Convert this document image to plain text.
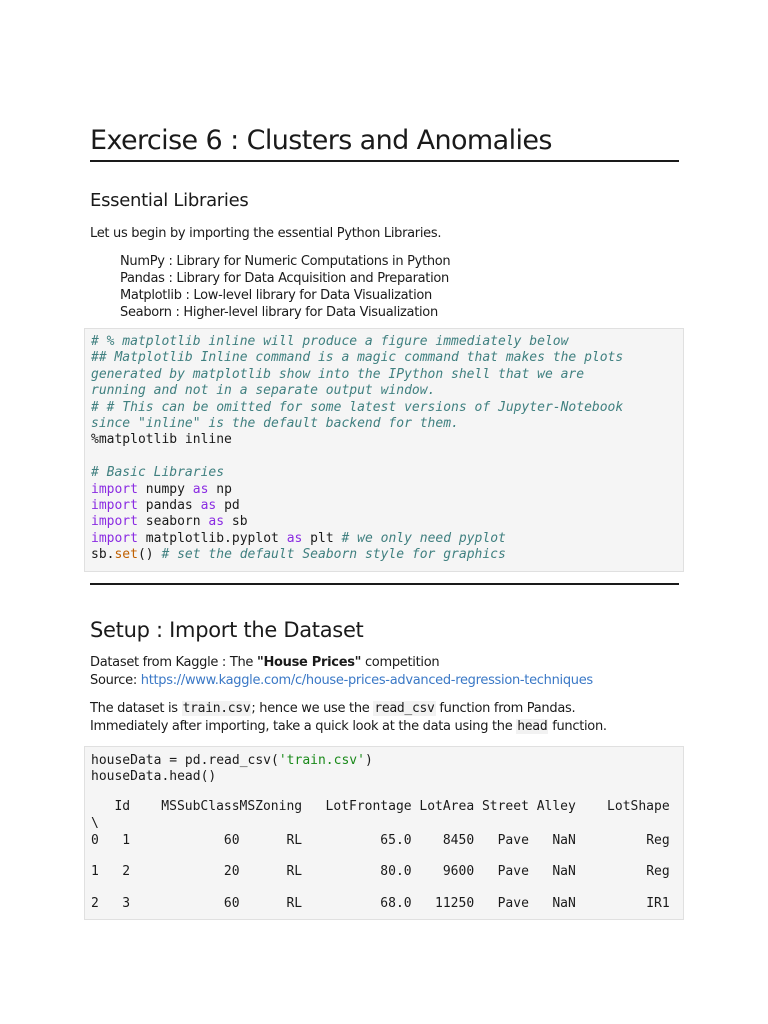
Exercise 6 : Clusters and Anomalies
Essential Libraries

Let us begin by importing the essential Python Libraries.

NumPy : Library for Numeric Computations in Python
Pandas : Library for Data Acquisition and Preparation
Matplotlib : Low-level library for Data Visualization
Seaborn : Higher-level library for Data Visualization
# % matplotlib inline will produce a figure immediately below
## Matplotlib Inline command is a magic command that makes the plots
generated by matplotlib show into the IPython shell that we are
running and not in a separate output window.
# # This can be omitted for some latest versions of Jupyter-Notebook
since "inline" is the default backend for them.
%matplotlib inline
# Basic Libraries
import numpy as np
import pandas as pd
import seaborn as sb
import matplotlib.pyplot as plt # we only need pyplot
sb.set() # set the default Seaborn style for graphics
Setup : Import the Dataset

Dataset from Kaggle : The "House Prices" competition
Source: https://www.kaggle.com/c/house-prices-advanced-regression-techniques

The dataset is train.csv; hence we use the read_csv function from Pandas.
Immediately after importing, take a quick look at the data using the head function.

houseData = pd.read_csv('train.csv')
houseData.head()
Id	MSSubClass MSZoning	LotFrontage LotArea Street Alley	LotShape
\
0	1	60	RL	65.0	8450	Pave	NaN	Reg
1	2	20	RL	80.0	9600	Pave	NaN	Reg
2	3	60	RL	68.0	11250	Pave	NaN	IR1
